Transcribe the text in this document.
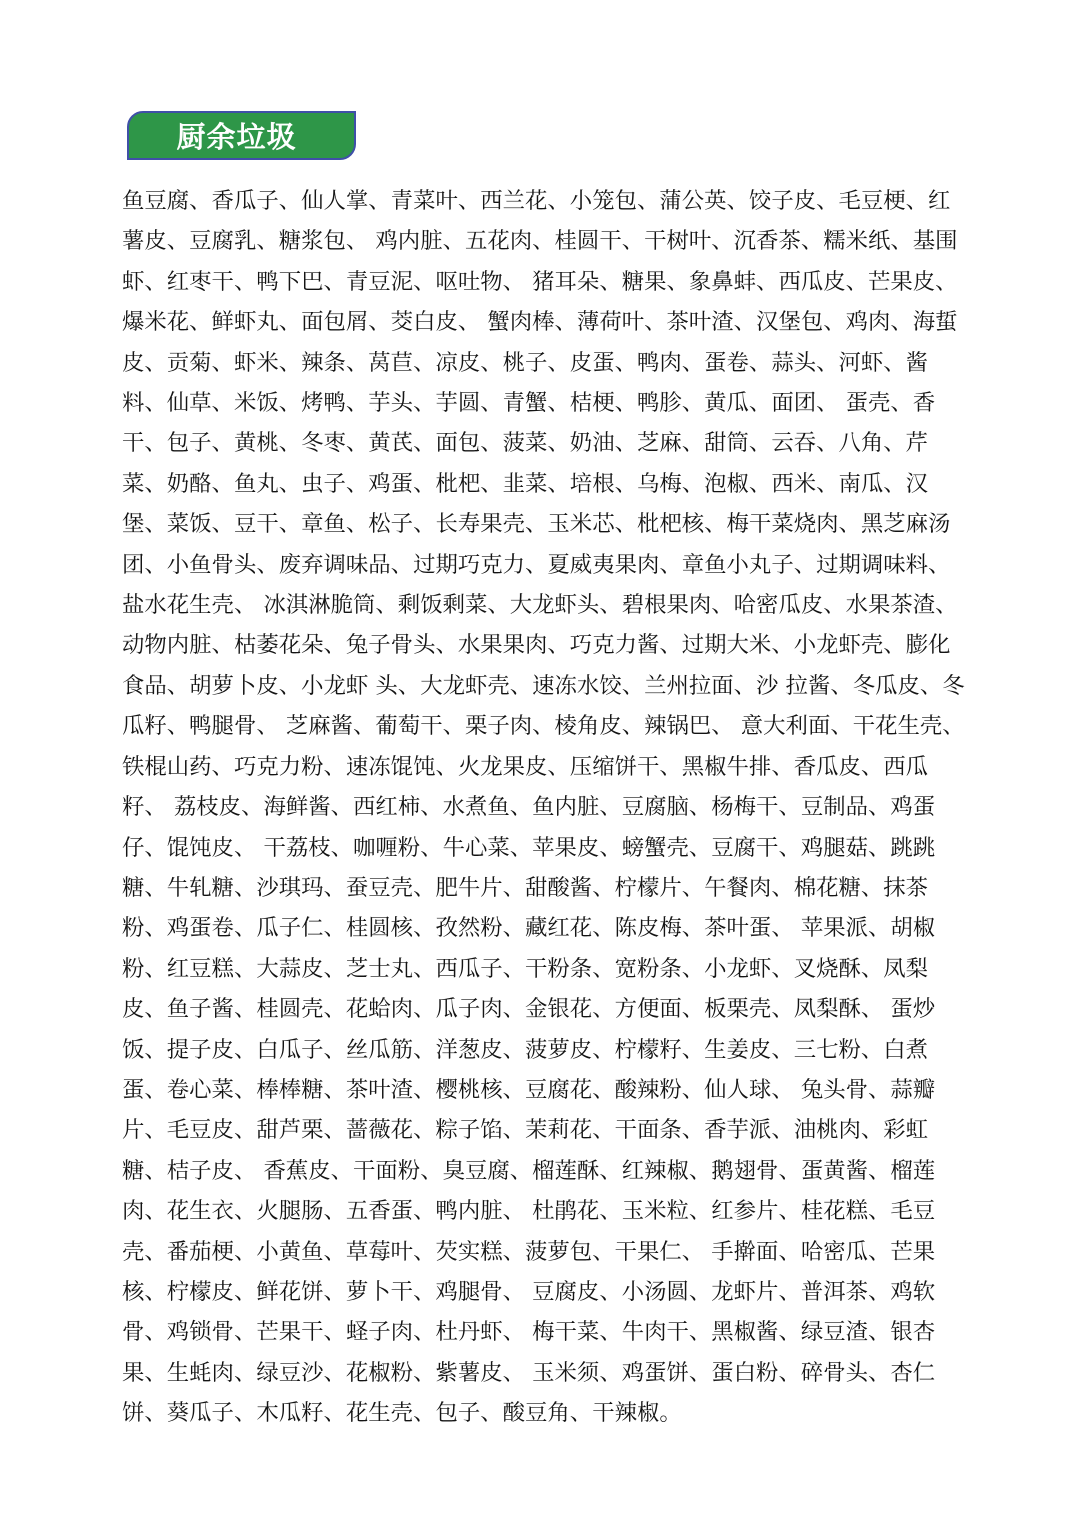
厨余垃圾
鱼豆腐、香瓜子、仙人掌、青菜叶、西兰花、小笼包、蒲公英、饺子皮、毛豆梗、红薯皮、豆腐乳、糖浆包、 鸡内脏、五花肉、桂圆干、干树叶、沉香茶、糯米纸、基围虾、红枣干、鸭下巴、青豆泥、呕吐物、 猪耳朵、糖果、象鼻蚌、西瓜皮、芒果皮、爆米花、鲜虾丸、面包屑、茭白皮、 蟹肉棒、薄荷叶、茶叶渣、汉堡包、鸡肉、海蜇皮、贡菊、虾米、辣条、莴苣、凉皮、桃子、皮蛋、鸭肉、蛋卷、蒜头、河虾、酱料、仙草、米饭、烤鸭、芋头、芋圆、青蟹、桔梗、鸭胗、黄瓜、面团、 蛋壳、香干、包子、黄桃、冬枣、黄芪、面包、菠菜、奶油、芝麻、甜筒、云吞、八角、芹菜、奶酪、鱼丸、虫子、鸡蛋、枇杷、韭菜、培根、乌梅、泡椒、西米、南瓜、汉堡、菜饭、豆干、章鱼、松子、长寿果壳、玉米芯、枇杷核、梅干菜烧肉、黑芝麻汤团、小鱼骨头、废弃调味品、过期巧克力、夏威夷果肉、章鱼小丸子、过期调味料、盐水花生壳、 冰淇淋脆筒、剩饭剩菜、大龙虾头、碧根果肉、哈密瓜皮、水果茶渣、动物内脏、枯萎花朵、兔子骨头、水果果肉、巧克力酱、过期大米、小龙虾壳、膨化食品、胡萝卜皮、小龙虾 头、大龙虾壳、速冻水饺、兰州拉面、沙 拉酱、冬瓜皮、冬瓜籽、鸭腿骨、 芝麻酱、葡萄干、栗子肉、棱角皮、辣锅巴、 意大利面、干花生壳、铁棍山药、巧克力粉、速冻馄饨、火龙果皮、压缩饼干、黑椒牛排、香瓜皮、西瓜籽、 荔枝皮、海鲜酱、西红柿、水煮鱼、鱼内脏、豆腐脑、杨梅干、豆制品、鸡蛋仔、馄饨皮、 干荔枝、咖喱粉、牛心菜、苹果皮、螃蟹壳、豆腐干、鸡腿菇、跳跳糖、牛轧糖、沙琪玛、蚕豆壳、肥牛片、甜酸酱、柠檬片、午餐肉、棉花糖、抹茶粉、鸡蛋卷、瓜子仁、桂圆核、孜然粉、藏红花、陈皮梅、茶叶蛋、 苹果派、胡椒粉、红豆糕、大蒜皮、芝士丸、西瓜子、干粉条、宽粉条、小龙虾、叉烧酥、凤梨皮、鱼子酱、桂圆壳、花蛤肉、瓜子肉、金银花、方便面、板栗壳、凤梨酥、 蛋炒饭、提子皮、白瓜子、丝瓜筋、洋葱皮、菠萝皮、柠檬籽、生姜皮、三七粉、白煮蛋、卷心菜、棒棒糖、茶叶渣、樱桃核、豆腐花、酸辣粉、仙人球、 兔头骨、蒜瓣片、毛豆皮、甜芦栗、蔷薇花、粽子馅、茉莉花、干面条、香芋派、油桃肉、彩虹糖、桔子皮、 香蕉皮、干面粉、臭豆腐、榴莲酥、红辣椒、鹅翅骨、蛋黄酱、榴莲肉、花生衣、火腿肠、五香蛋、鸭内脏、 杜鹃花、玉米粒、红参片、桂花糕、毛豆壳、番茄梗、小黄鱼、草莓叶、芡实糕、菠萝包、干果仁、 手擀面、哈密瓜、芒果核、柠檬皮、鲜花饼、萝卜干、鸡腿骨、 豆腐皮、小汤圆、龙虾片、普洱茶、鸡软骨、鸡锁骨、芒果干、蛏子肉、杜丹虾、 梅干菜、牛肉干、黑椒酱、绿豆渣、银杏果、生蚝肉、绿豆沙、花椒粉、紫薯皮、 玉米须、鸡蛋饼、蛋白粉、碎骨头、杏仁饼、葵瓜子、木瓜籽、花生壳、包子、酸豆角、干辣椒。
